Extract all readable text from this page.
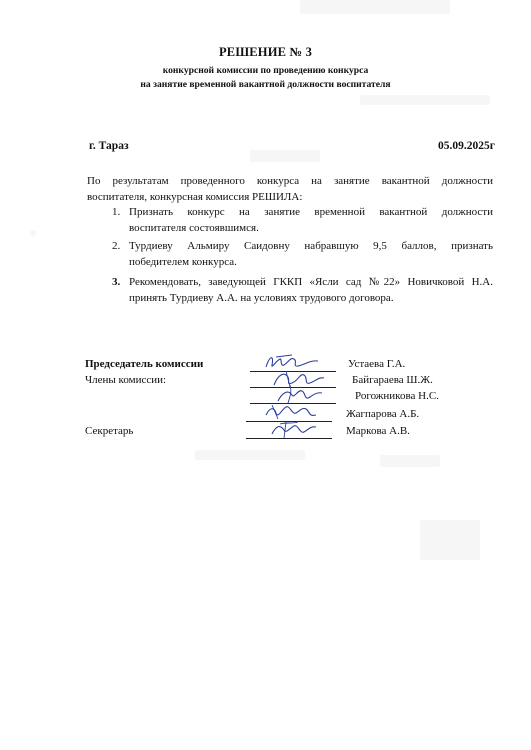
РЕШЕНИЕ № 3
конкурсной комиссии по проведению конкурса
на занятие временной вакантной должности воспитателя
г. Тараз	05.09.2025г
По результатам проведенного конкурса на занятие вакантной должности
воспитателя, конкурсная комиссия РЕШИЛА:
1. Признать конкурс на занятие временной вакантной должности
воспитателя состоявшимся.
2. Турдиеву Альмиру Саидовну набравшую 9,5 баллов, признать
победителем конкурса.
3. Рекомендовать, заведующей ГККП «Ясли сад №22» Новичковой Н.А.
принять Турдиеву А.А. на условиях трудового договора.
Председатель комиссии	Устаева Г.А.
Члены комиссии:	Байгараева Ш.Ж.
Рогожникова Н.С.
Жагпарова А.Б.
Секретарь	Маркова А.В.
